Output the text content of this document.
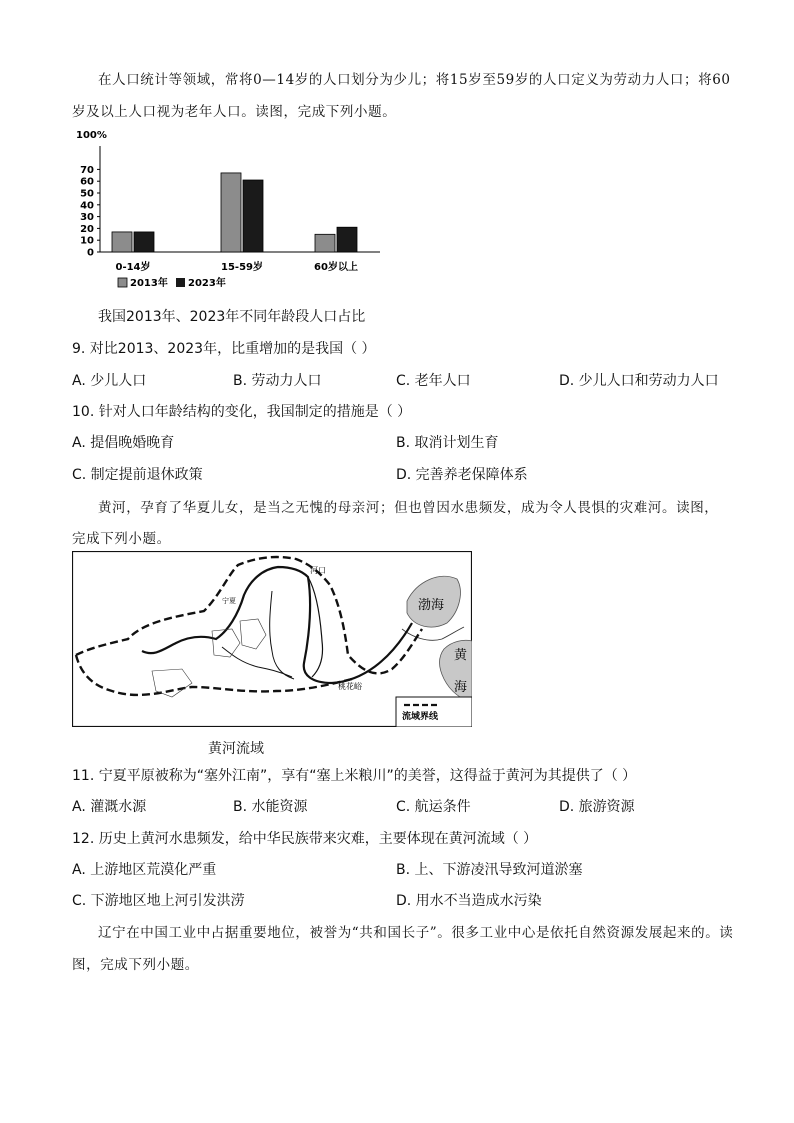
在人口统计等领域，常将0—14岁的人口划分为少儿；将15岁至59岁的人口定义为劳动力人口；将60
岁及以上人口视为老年人口。读图，完成下列小题。
100%
0
10
20
30
40
50
60
70
0-14岁	15-59岁	60岁以上
2013年 2023年
我国2013年、2023年不同年龄段人口占比
9. 对比2013、2023年，比重增加的是我国（ ）
A. 少儿人口	B. 劳动力人口	C. 老年人口	D. 少儿人口和劳动力人口
10. 针对人口年龄结构的变化，我国制定的措施是（ ）
A. 提倡晚婚晚育	B. 取消计划生育
C. 制定提前退休政策	D. 完善养老保障体系
黄河，孕育了华夏儿女，是当之无愧的母亲河；但也曾因水患频发，成为令人畏惧的灾难河。读图，
完成下列小题。
河口
宁夏	渤海
黄
海
桃花峪
流域界线
黄河流域
11. 宁夏平原被称为“塞外江南”，享有“塞上米粮川”的美誉，这得益于黄河为其提供了（ ）
A. 灌溉水源	B. 水能资源	C. 航运条件	D. 旅游资源
12. 历史上黄河水患频发，给中华民族带来灾难，主要体现在黄河流域（ ）
A. 上游地区荒漠化严重	B. 上、下游凌汛导致河道淤塞
C. 下游地区地上河引发洪涝	D. 用水不当造成水污染
辽宁在中国工业中占据重要地位，被誉为“共和国长子”。很多工业中心是依托自然资源发展起来的。读
图，完成下列小题。
